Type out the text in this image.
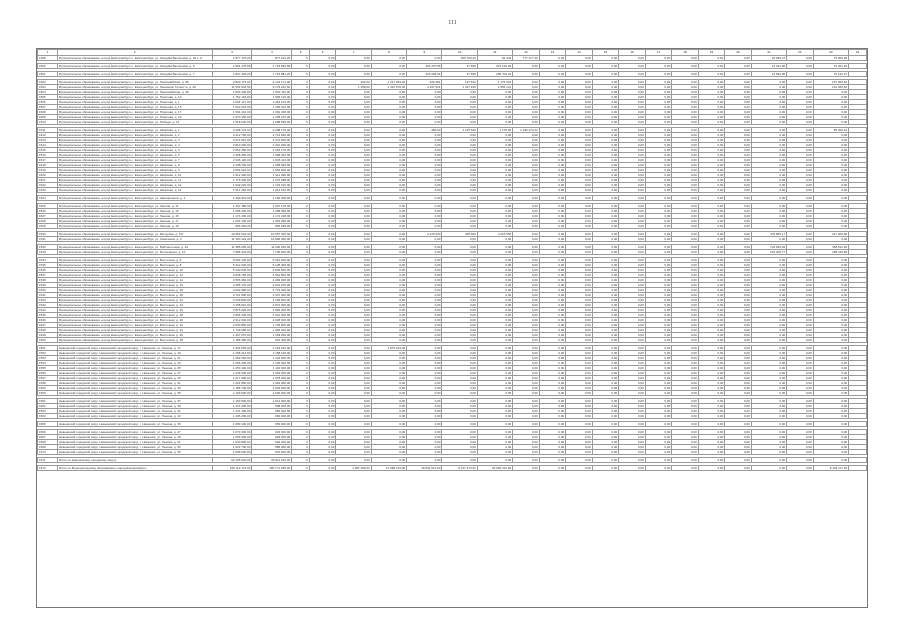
111
1	2	3	4	5	6	7	8	9	10	11	12	13	14	15	16	17	18	19	20	21	22	23	24
1499	Муниципальное образование «город Екатеринбург» г. Екатеринбург, ул. Начдива Васильева, д. 40 к. А	1 877 176,20	877 191,20	0	0,00	0,00	0,00	0,00	305 729,24	82 443	777 177,20	0,00	0,00	0,00	0,00	0,00	0,00	0,00	0,00	22 095,27	0,00	75 900,28	

1500	Муниципальное образование «город Екатеринбург» г. Екатеринбург, ул. Начдива Васильева, д. 5	1 981 175,58	1 723 849,58	0	0,00	0,00	0,00	223 470,55	47 596	297 120,29	0,00	0,00	0,00	0,00	0,00	0,00	0,00	0,00	0,00	13 041,00	0,00	70 401,18	

1501	Муниципальное образование «город Екатеринбург» г. Екатеринбург, ул. Начдива Васильева, д. 7	1 827 394,20	1 716 881,20	0	0,00	0,00	0,00	223 396,54	47 556	296 703,22	0,00	0,00	0,00	0,00	0,00	0,00	0,00	0,00	0,00	13 592,95	0,00	70 142,27	

1502	Муниципальное образование «город Екатеринбург» г. Екатеринбург, ул. Первомайская, д. 68	4 820 173,00	4 122 171,00	0	0,00	452,00	1 217 054,00	225 381	127 813	1 175 501	0,00	0,00	0,00	0,00	0,00	0,00	0,00	0,00	0,00	0,00	0,00	157 200,52	
1503	Муниципальное образование «город Екатеринбург» г. Екатеринбург, ул. Пальмиро Тольятти, д. 26	11 554 644,56	9 179 242,56	0	0,00	1 158,00	1 331 576,00	4 337 521	1 437 245	1 556 121	0,00	0,00	0,00	0,00	0,00	0,00	0,00	0,00	0,00	0,00	0,00	191 925,52	
1504	Муниципальное образование «город Екатеринбург» г. Екатеринбург, ул. Первомайская, д. 40	1 826 400,00	1 592 110,00	0	0,00	0,00	0,00	0,00	0,00	0,00	0,00	0,00	0,00	0,00	0,00	0,00	0,00	0,00	0,00	0,00	0,00	0,00	
1505	Муниципальное образование «город Екатеринбург» г. Екатеринбург, ул. Пирогова, д. 10	1 752 194,00	1 506 120,00	0	0,00	0,00	0,00	0,00	0,00	0,00	0,00	0,00	0,00	0,00	0,00	0,00	0,00	0,00	0,00	0,00	0,00	0,00	
1506	Муниципальное образование «город Екатеринбург» г. Екатеринбург, ул. Пирогова, д. 1	1 694 127,00	1 464 124,00	0	0,00	0,00	0,00	0,00	0,00	0,00	0,00	0,00	0,00	0,00	0,00	0,00	0,00	0,00	0,00	0,00	0,00	0,00	
1507	Муниципальное образование «город Екатеринбург» г. Екатеринбург, ул. Пирогова, д. 15	1 622 015,00	1 390 012,00	0	0,00	0,00	0,00	0,00	0,00	0,00	0,00	0,00	0,00	0,00	0,00	0,00	0,00	0,00	0,00	0,00	0,00	0,00	
1508	Муниципальное образование «город Екатеринбург» г. Екатеринбург, ул. Пирогова, д. 17	1 594 210,00	1 362 208,00	0	0,00	0,00	0,00	0,00	0,00	0,00	0,00	0,00	0,00	0,00	0,00	0,00	0,00	0,00	0,00	0,00	0,00	0,00	
1509	Муниципальное образование «город Екатеринбург» г. Екатеринбург, ул. Пирогова, д. 19	1 570 160,00	1 338 152,00	0	0,00	0,00	0,00	0,00	0,00	0,00	0,00	0,00	0,00	0,00	0,00	0,00	0,00	0,00	0,00	0,00	0,00	0,00	
1510	Муниципальное образование «город Екатеринбург» г. Екатеринбург, ул. Победы, д. 12	1 518 600,00	1 288 596,00	0	0,00	0,00	0,00	0,00	0,00	0,00	0,00	0,00	0,00	0,00	0,00	0,00	0,00	0,00	0,00	0,00	0,00	0,00	

1511	Муниципальное образование «город Екатеринбург» г. Екатеринбург, ул. Шефская, д. 1	4 298 172,00	3 298 170,00	0	0,00	0,00	0,00	480,00	1 125 620	1 778,00	1 196 174,22	0,00	0,00	0,00	0,00	0,00	0,00	0,00	0,00	0,00	0,00	95 400,44	
1512	Муниципальное образование «город Екатеринбург» г. Екатеринбург, ул. Шефская, д. 2	3 212 700,00	2 712 690,00	0	0,00	0,00	0,00	0,00	0,00	0,00	0,00	0,00	0,00	0,00	0,00	0,00	0,00	0,00	0,00	0,00	0,00	0,00	
1513	Муниципальное образование «город Екатеринбург» г. Екатеринбург, ул. Шефская, д. 3	2 974 510,00	2 474 505,00	0	0,00	0,00	0,00	0,00	0,00	0,00	0,00	0,00	0,00	0,00	0,00	0,00	0,00	0,00	0,00	0,00	0,00	0,00	
1514	Муниципальное образование «город Екатеринбург» г. Екатеринбург, ул. Шефская, д. 4	2 810 300,00	2 310 296,00	0	0,00	0,00	0,00	0,00	0,00	0,00	0,00	0,00	0,00	0,00	0,00	0,00	0,00	0,00	0,00	0,00	0,00	0,00	
1515	Муниципальное образование «город Екатеринбург» г. Екатеринбург, ул. Шефская, д. 5	2 652 180,00	2 152 176,00	0	0,00	0,00	0,00	0,00	0,00	0,00	0,00	0,00	0,00	0,00	0,00	0,00	0,00	0,00	0,00	0,00	0,00	0,00	
1516	Муниципальное образование «город Екатеринбург» г. Екатеринбург, ул. Шефская, д. 6	2 498 450,00	1 998 442,00	0	0,00	0,00	0,00	0,00	0,00	0,00	0,00	0,00	0,00	0,00	0,00	0,00	0,00	0,00	0,00	0,00	0,00	0,00	
1517	Муниципальное образование «город Екатеринбург» г. Екатеринбург, ул. Шефская, д. 7	2 346 120,00	1 846 112,00	0	0,00	0,00	0,00	0,00	0,00	0,00	0,00	0,00	0,00	0,00	0,00	0,00	0,00	0,00	0,00	0,00	0,00	0,00	
1518	Муниципальное образование «город Екатеринбург» г. Екатеринбург, ул. Шефская, д. 8	2 198 700,00	1 698 690,00	0	0,00	0,00	0,00	0,00	0,00	0,00	0,00	0,00	0,00	0,00	0,00	0,00	0,00	0,00	0,00	0,00	0,00	0,00	
1519	Муниципальное образование «город Екатеринбург» г. Екатеринбург, ул. Шефская, д. 9	2 054 610,00	1 554 600,00	0	0,00	0,00	0,00	0,00	0,00	0,00	0,00	0,00	0,00	0,00	0,00	0,00	0,00	0,00	0,00	0,00	0,00	0,00	
1520	Муниципальное образование «город Екатеринбург» г. Екатеринбург, ул. Шефская, д. 10	1 912 400,00	1 412 390,00	0	0,00	0,00	0,00	0,00	0,00	0,00	0,00	0,00	0,00	0,00	0,00	0,00	0,00	0,00	0,00	0,00	0,00	0,00	
1521	Муниципальное образование «город Екатеринбург» г. Екатеринбург, ул. Шефская, д. 11	1 776 300,00	1 276 288,00	0	0,00	0,00	0,00	0,00	0,00	0,00	0,00	0,00	0,00	0,00	0,00	0,00	0,00	0,00	0,00	0,00	0,00	0,00	
1522	Муниципальное образование «город Екатеринбург» г. Екатеринбург, ул. Шефская, д. 12	1 642 220,00	1 142 210,00	0	0,00	0,00	0,00	0,00	0,00	0,00	0,00	0,00	0,00	0,00	0,00	0,00	0,00	0,00	0,00	0,00	0,00	0,00	
1523	Муниципальное образование «город Екатеринбург» г. Екатеринбург, ул. Шефская, д. 14	1 514 160,00	1 014 152,00	0	0,00	0,00	0,00	0,00	0,00	0,00	0,00	0,00	0,00	0,00	0,00	0,00	0,00	0,00	0,00	0,00	0,00	0,00	

1524	Муниципальное образование «город Екатеринбург» г. Екатеринбург, ул. Авиационная, д. 1	1 390 310,00	1 160 308,00	0	0,00	0,00	0,00	0,00	0,00	0,00	0,00	0,00	0,00	0,00	0,00	0,00	0,00	0,00	0,00	0,00	0,00	0,00	

1525	Муниципальное образование «город Екатеринбург» г. Екатеринбург, ул. Ленина, д. 11	1 397 180,00	1 397 178,00	0	0,00	0,00	0,00	0,00	0,00	0,00	0,00	0,00	0,00	0,00	0,00	0,00	0,00	0,00	0,00	0,00	0,00	0,00	
1526	Муниципальное образование «город Екатеринбург» г. Екатеринбург, ул. Ленина, д. 13	1 285 400,00	1 285 398,00	0	0,00	0,00	0,00	0,00	0,00	0,00	0,00	0,00	0,00	0,00	0,00	0,00	0,00	0,00	0,00	0,00	0,00	0,00	
1527	Муниципальное образование «город Екатеринбург» г. Екатеринбург, ул. Ленина, д. 15	1 174 200,00	1 174 198,00	0	0,00	0,00	0,00	0,00	0,00	0,00	0,00	0,00	0,00	0,00	0,00	0,00	0,00	0,00	0,00	0,00	0,00	0,00	
1528	Муниципальное образование «город Екатеринбург» г. Екатеринбург, ул. Ленина, д. 17	1 064 100,00	1 064 098,00	0	0,00	0,00	0,00	0,00	0,00	0,00	0,00	0,00	0,00	0,00	0,00	0,00	0,00	0,00	0,00	0,00	0,00	0,00	
1529	Муниципальное образование «город Екатеринбург» г. Екатеринбург, ул. Ленина, д. 19	956 300,00	956 298,00	0	0,00	0,00	0,00	0,00	0,00	0,00	0,00	0,00	0,00	0,00	0,00	0,00	0,00	0,00	0,00	0,00	0,00	0,00	

1530	Муниципальное образование «город Екатеринбург» г. Екатеринбург, ул. Мичурина, д. 117	10 954 542,00	10 557 305,00	0	0,00	0,00	0,00	2 278 320	338 969	3 216 950	0,00	0,00	0,00	0,00	0,00	0,00	0,00	0,00	0,00	379 850,17	0,00	247 200,68	
1531	Муниципальное образование «город Екатеринбург» г. Екатеринбург, ул. Смазчиков, д. 3	11 300 122,00	10 896 300,00	0	0,00	0,00	0,00	0,00	0,00	0,00	0,00	0,00	0,00	0,00	0,00	0,00	0,00	0,00	0,00	0,00	0,00	0,00	

1532	Муниципальное образование «город Екатеринбург» г. Екатеринбург, ул. Библиотечная, д. 44	11 385 250,00	11 006 250,00	0	0,00	0,00	0,00	0,00	0,00	0,00	0,00	0,00	0,00	0,00	0,00	0,00	0,00	0,00	0,00	744 666,26	0,00	358 511,36	
1533	Муниципальное образование «город Екатеринбург» г. Екатеринбург, ул. Бетонщиков, д. 10	7 985 442,00	7 700 000,00	0	0,00	0,00	0,00	0,00	0,00	0,00	0,00	0,00	0,00	0,00	0,00	0,00	0,00	0,00	0,00	215 405,77	0,00	288 115,89	

1534	Муниципальное образование «город Екатеринбург» г. Екатеринбург, ул. Восточная, д. 6	5 694 125,00	5 410 200,00	0	0,00	0,00	0,00	0,00	0,00	0,00	0,00	0,00	0,00	0,00	0,00	0,00	0,00	0,00	0,00	0,00	0,00	0,00	
1535	Муниципальное образование «город Екатеринбург» г. Екатеринбург, ул. Восточная, д. 8	5 412 330,00	5 128 400,00	0	0,00	0,00	0,00	0,00	0,00	0,00	0,00	0,00	0,00	0,00	0,00	0,00	0,00	0,00	0,00	0,00	0,00	0,00	
1536	Муниципальное образование «город Екатеринбург» г. Екатеринбург, ул. Восточная, д. 10	5 130 540,00	4 846 600,00	0	0,00	0,00	0,00	0,00	0,00	0,00	0,00	0,00	0,00	0,00	0,00	0,00	0,00	0,00	0,00	0,00	0,00	0,00	
1537	Муниципальное образование «город Екатеринбург» г. Екатеринбург, ул. Восточная, д. 12	4 848 750,00	4 564 800,00	0	0,00	0,00	0,00	0,00	0,00	0,00	0,00	0,00	0,00	0,00	0,00	0,00	0,00	0,00	0,00	0,00	0,00	0,00	
1538	Муниципальное образование «город Екатеринбург» г. Екатеринбург, ул. Восточная, д. 14	4 566 960,00	4 283 000,00	0	0,00	0,00	0,00	0,00	0,00	0,00	0,00	0,00	0,00	0,00	0,00	0,00	0,00	0,00	0,00	0,00	0,00	0,00	
1539	Муниципальное образование «город Екатеринбург» г. Екатеринбург, ул. Восточная, д. 16	4 285 170,00	4 001 200,00	0	0,00	0,00	0,00	0,00	0,00	0,00	0,00	0,00	0,00	0,00	0,00	0,00	0,00	0,00	0,00	0,00	0,00	0,00	
1540	Муниципальное образование «город Екатеринбург» г. Екатеринбург, ул. Восточная, д. 18	4 003 380,00	3 719 400,00	0	0,00	0,00	0,00	0,00	0,00	0,00	0,00	0,00	0,00	0,00	0,00	0,00	0,00	0,00	0,00	0,00	0,00	0,00	
1541	Муниципальное образование «город Екатеринбург» г. Екатеринбург, ул. Восточная, д. 20	3 721 590,00	3 437 600,00	0	0,00	0,00	0,00	0,00	0,00	0,00	0,00	0,00	0,00	0,00	0,00	0,00	0,00	0,00	0,00	0,00	0,00	0,00	
1542	Муниципальное образование «город Екатеринбург» г. Екатеринбург, ул. Восточная, д. 22	3 439 800,00	3 155 800,00	0	0,00	0,00	0,00	0,00	0,00	0,00	0,00	0,00	0,00	0,00	0,00	0,00	0,00	0,00	0,00	0,00	0,00	0,00	
1543	Муниципальное образование «город Екатеринбург» г. Екатеринбург, ул. Восточная, д. 24	3 158 010,00	2 874 000,00	0	0,00	0,00	0,00	0,00	0,00	0,00	0,00	0,00	0,00	0,00	0,00	0,00	0,00	0,00	0,00	0,00	0,00	0,00	
1544	Муниципальное образование «город Екатеринбург» г. Екатеринбург, ул. Восточная, д. 26	2 876 220,00	2 592 200,00	0	0,00	0,00	0,00	0,00	0,00	0,00	0,00	0,00	0,00	0,00	0,00	0,00	0,00	0,00	0,00	0,00	0,00	0,00	
1545	Муниципальное образование «город Екатеринбург» г. Екатеринбург, ул. Восточная, д. 28	2 594 430,00	2 310 400,00	0	0,00	0,00	0,00	0,00	0,00	0,00	0,00	0,00	0,00	0,00	0,00	0,00	0,00	0,00	0,00	0,00	0,00	0,00	
1546	Муниципальное образование «город Екатеринбург» г. Екатеринбург, ул. Восточная, д. 30	2 312 640,00	2 028 600,00	0	0,00	0,00	0,00	0,00	0,00	0,00	0,00	0,00	0,00	0,00	0,00	0,00	0,00	0,00	0,00	0,00	0,00	0,00	
1547	Муниципальное образование «город Екатеринбург» г. Екатеринбург, ул. Восточная, д. 32	2 030 850,00	1 746 800,00	0	0,00	0,00	0,00	0,00	0,00	0,00	0,00	0,00	0,00	0,00	0,00	0,00	0,00	0,00	0,00	0,00	0,00	0,00	
1548	Муниципальное образование «город Екатеринбург» г. Екатеринбург, ул. Восточная, д. 34	1 749 060,00	1 465 000,00	0	0,00	0,00	0,00	0,00	0,00	0,00	0,00	0,00	0,00	0,00	0,00	0,00	0,00	0,00	0,00	0,00	0,00	0,00	
1549	Муниципальное образование «город Екатеринбург» г. Екатеринбург, ул. Восточная, д. 36	1 467 270,00	1 183 200,00	0	0,00	0,00	0,00	0,00	0,00	0,00	0,00	0,00	0,00	0,00	0,00	0,00	0,00	0,00	0,00	0,00	0,00	0,00	
1550	Муниципальное образование «город Екатеринбург» г. Екатеринбург, ул. Восточная, д. 38	1 185 480,00	901 400,00	0	0,00	0,00	0,00	0,00	0,00	0,00	0,00	0,00	0,00	0,00	0,00	0,00	0,00	0,00	0,00	0,00	0,00	0,00	

1551	Невьянский городской округ, Невьянский городской округ, г. Невьянск, ул. Ленина, д. 17	1 304 659,00	1 164 322,00	0	0,00	0,00	1 879 244,00	0,00	0,00	0,00	0,00	0,00	0,00	0,00	0,00	0,00	0,00	0,00	0,00	0,00	0,00	0,00	
1552	Невьянский городской округ, Невьянский городской округ, г. Невьянск, ул. Ленина, д. 19	1 298 412,00	1 158 100,00	0	0,00	0,00	0,00	0,00	0,00	0,00	0,00	0,00	0,00	0,00	0,00	0,00	0,00	0,00	0,00	0,00	0,00	0,00	
1553	Невьянский городской округ, Невьянский городской округ, г. Невьянск, ул. Ленина, д. 21	1 282 300,00	1 142 000,00	0	0,00	0,00	0,00	0,00	0,00	0,00	0,00	0,00	0,00	0,00	0,00	0,00	0,00	0,00	0,00	0,00	0,00	0,00	
1554	Невьянский городской округ, Невьянский городской округ, г. Невьянск, ул. Ленина, д. 23	1 266 200,00	1 126 000,00	0	0,00	0,00	0,00	0,00	0,00	0,00	0,00	0,00	0,00	0,00	0,00	0,00	0,00	0,00	0,00	0,00	0,00	0,00	
1555	Невьянский городской округ, Невьянский городской округ, г. Невьянск, ул. Ленина, д. 25	1 250 100,00	1 110 000,00	0	0,00	0,00	0,00	0,00	0,00	0,00	0,00	0,00	0,00	0,00	0,00	0,00	0,00	0,00	0,00	0,00	0,00	0,00	
1556	Невьянский городской округ, Невьянский городской округ, г. Невьянск, ул. Ленина, д. 27	1 234 000,00	1 094 000,00	0	0,00	0,00	0,00	0,00	0,00	0,00	0,00	0,00	0,00	0,00	0,00	0,00	0,00	0,00	0,00	0,00	0,00	0,00	
1557	Невьянский городской округ, Невьянский городской округ, г. Невьянск, ул. Ленина, д. 29	1 217 900,00	1 078 000,00	0	0,00	0,00	0,00	0,00	0,00	0,00	0,00	0,00	0,00	0,00	0,00	0,00	0,00	0,00	0,00	0,00	0,00	0,00	
1558	Невьянский городской округ, Невьянский городской округ, г. Невьянск, ул. Ленина, д. 31	1 201 800,00	1 062 000,00	0	0,00	0,00	0,00	0,00	0,00	0,00	0,00	0,00	0,00	0,00	0,00	0,00	0,00	0,00	0,00	0,00	0,00	0,00	
1559	Невьянский городской округ, Невьянский городской округ, г. Невьянск, ул. Ленина, д. 33	1 185 700,00	1 046 000,00	0	0,00	0,00	0,00	0,00	0,00	0,00	0,00	0,00	0,00	0,00	0,00	0,00	0,00	0,00	0,00	0,00	0,00	0,00	
1560	Невьянский городской округ, Невьянский городской округ, г. Невьянск, ул. Ленина, д. 35	1 169 600,00	1 030 000,00	0	0,00	0,00	0,00	0,00	0,00	0,00	0,00	0,00	0,00	0,00	0,00	0,00	0,00	0,00	0,00	0,00	0,00	0,00	

1561	Невьянский городской округ, Невьянский городской округ, г. Невьянск, ул. Ленина, д. 37	1 153 500,00	1 014 000,00	0	0,00	0,00	0,00	0,00	0,00	0,00	0,00	0,00	0,00	0,00	0,00	0,00	0,00	0,00	0,00	0,00	0,00	0,00	
1562	Невьянский городской округ, Невьянский городской округ, г. Невьянск, ул. Ленина, д. 39	1 137 400,00	998 000,00	0	0,00	0,00	0,00	0,00	0,00	0,00	0,00	0,00	0,00	0,00	0,00	0,00	0,00	0,00	0,00	0,00	0,00	0,00	
1563	Невьянский городской округ, Невьянский городской округ, г. Невьянск, ул. Ленина, д. 41	1 121 300,00	982 000,00	0	0,00	0,00	0,00	0,00	0,00	0,00	0,00	0,00	0,00	0,00	0,00	0,00	0,00	0,00	0,00	0,00	0,00	0,00	
1564	Невьянский городской округ, Невьянский городской округ, г. Невьянск, ул. Ленина, д. 43	1 105 200,00	966 000,00	0	0,00	0,00	0,00	0,00	0,00	0,00	0,00	0,00	0,00	0,00	0,00	0,00	0,00	0,00	0,00	0,00	0,00	0,00	

1565	Невьянский городской округ, Невьянский городской округ, г. Невьянск, ул. Ленина, д. 45	1 089 100,00	950 000,00	0	0,00	0,00	0,00	0,00	0,00	0,00	0,00	0,00	0,00	0,00	0,00	0,00	0,00	0,00	0,00	0,00	0,00	0,00	

1566	Невьянский городской округ, Невьянский городской округ, г. Невьянск, ул. Ленина, д. 47	1 073 000,00	934 000,00	0	0,00	0,00	0,00	0,00	0,00	0,00	0,00	0,00	0,00	0,00	0,00	0,00	0,00	0,00	0,00	0,00	0,00	0,00	
1567	Невьянский городской округ, Невьянский городской округ, г. Невьянск, ул. Ленина, д. 49	1 056 900,00	918 000,00	0	0,00	0,00	0,00	0,00	0,00	0,00	0,00	0,00	0,00	0,00	0,00	0,00	0,00	0,00	0,00	0,00	0,00	0,00	
1568	Невьянский городской округ, Невьянский городской округ, г. Невьянск, ул. Ленина, д. 51	1 040 800,00	902 000,00	0	0,00	0,00	0,00	0,00	0,00	0,00	0,00	0,00	0,00	0,00	0,00	0,00	0,00	0,00	0,00	0,00	0,00	0,00	
1569	Невьянский городской округ, Невьянский городской округ, г. Невьянск, ул. Ленина, д. 53	1 024 700,00	886 000,00	0	0,00	0,00	0,00	0,00	0,00	0,00	0,00	0,00	0,00	0,00	0,00	0,00	0,00	0,00	0,00	0,00	0,00	0,00	
1570	Невьянский городской округ, Невьянский городской округ, г. Невьянск, ул. Ленина, д. 55	1 008 600,00	870 000,00	0	0,00	0,00	0,00	0,00	0,00	0,00	0,00	0,00	0,00	0,00	0,00	0,00	0,00	0,00	0,00	0,00	0,00	0,00	

1571	Итого по Невьянскому городскому округу	62 195 240,00	56 911 240,00	0	0,00	0,00	0,00	0,00	0,00	0,00	0,00	0,00	0,00	0,00	0,00	0,00	0,00	0,00	0,00	0,00	0,00	0,00	

1572	Итого по Муниципальному образованию «город Екатеринбург»	195 112 174,00	180 771 250,00	0	0,00	1 097 456,52	27 098 134,00	18 891 513,00	6 377 473,61	25 000 312,00	0,00	0,00	0,00	0,00	0,00	0,00	0,00	0,00	0,00	0,00	0,00	8 134 117,26	
